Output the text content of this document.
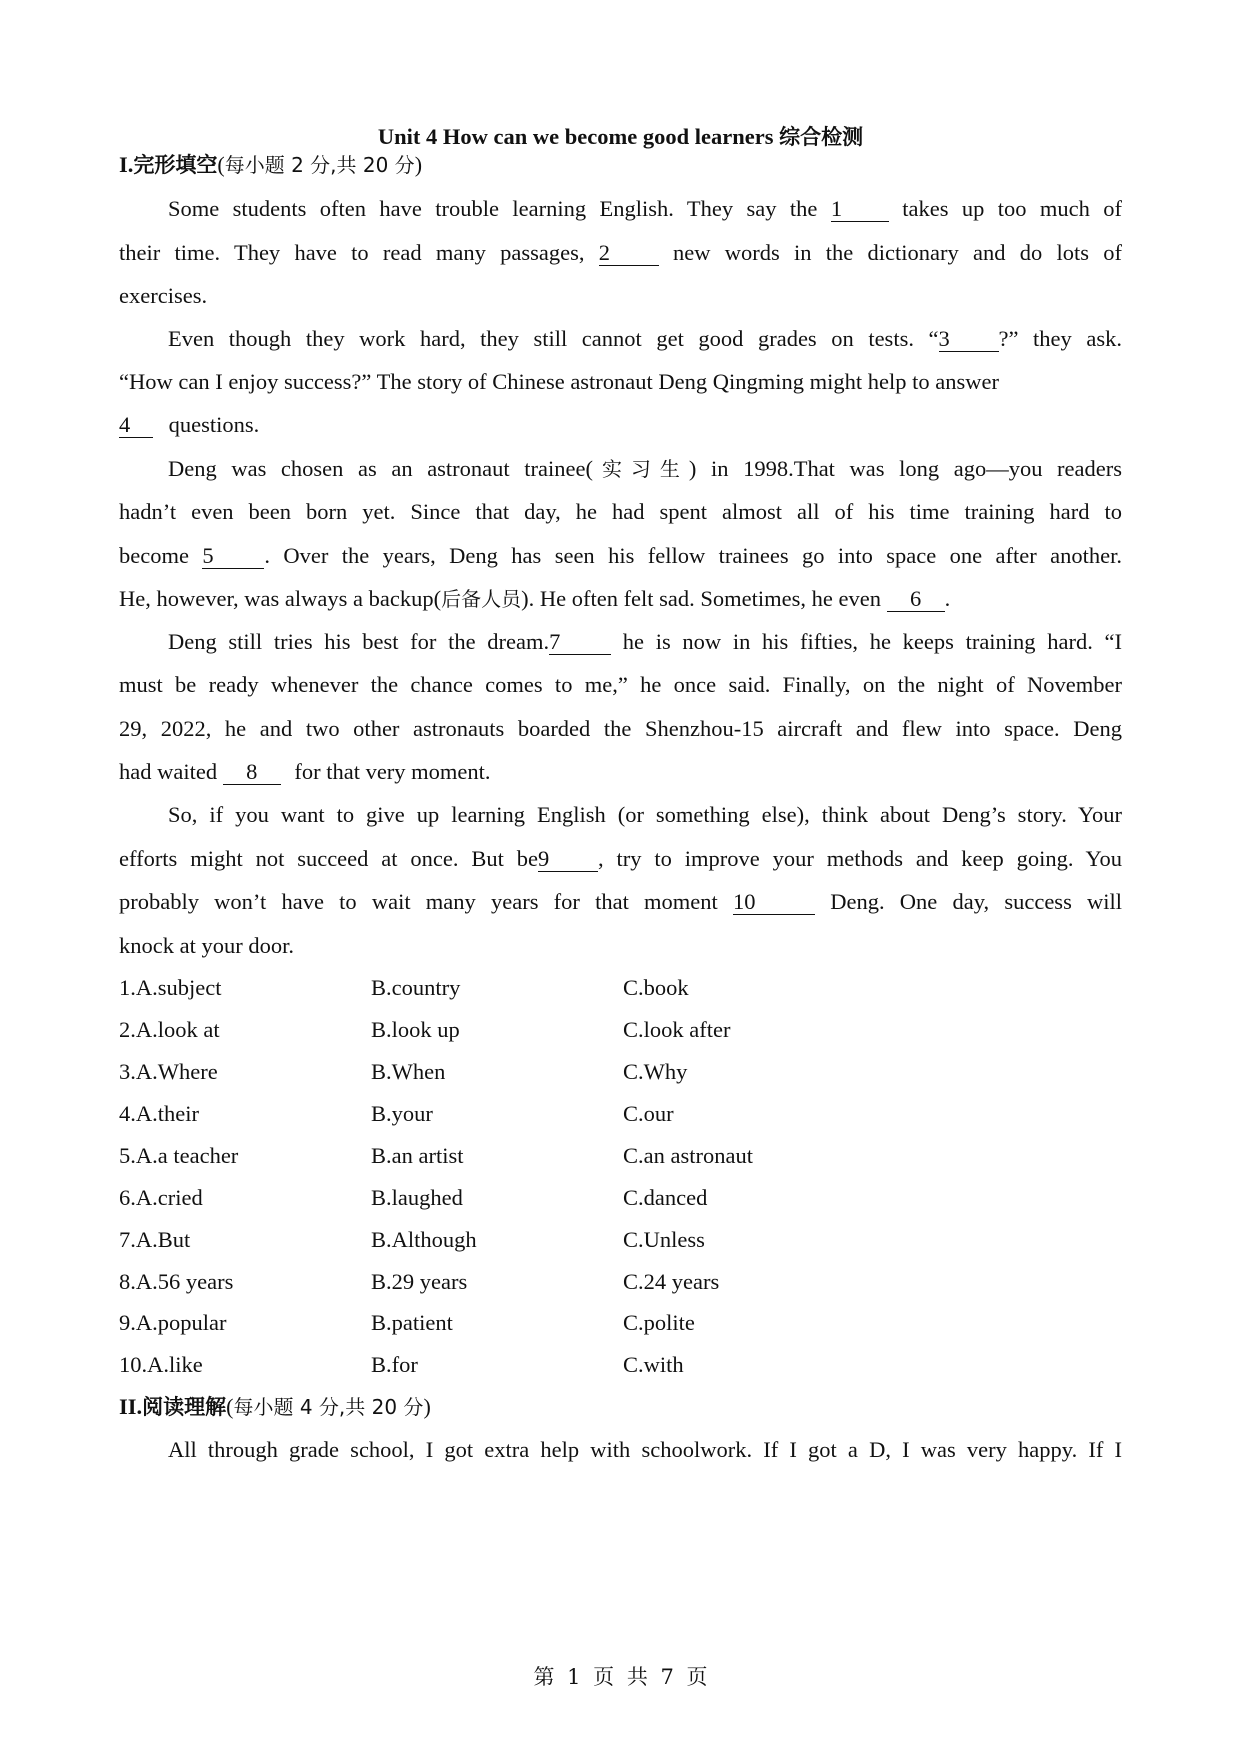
Unit 4 How can we become good learners 综合检测
I.完形填空(每小题 2 分,共 20 分)
Some students often have trouble learning English. They say the 1	takes up too much of
their time. They have to read many passages, 2	new words in the dictionary and do lots of
exercises.
Even though they work hard, they still cannot get good grades on tests. “3 ?” they ask.
“How can I enjoy success?” The story of Chinese astronaut Deng Qingming might help to answer
4 questions.
Deng was chosen as an astronaut trainee(实习生) in 1998.That was long ago—you readers
hadn’t even been born yet. Since that day, he had spent almost all of his time training hard to
become 5 . Over the years, Deng has seen his fellow trainees go into space one after another.
He, however, was always a backup(后备人员). He often felt sad. Sometimes, he even 6 .
Deng still tries his best for the dream.7	he is now in his fifties, he keeps training hard. “I
must be ready whenever the chance comes to me,” he once said. Finally, on the night of November
29, 2022, he and two other astronauts boarded the Shenzhou-15 aircraft and flew into space. Deng
had waited 8 for that very moment.
So, if you want to give up learning English (or something else), think about Deng’s story. Your
efforts might not succeed at once. But be9 , try to improve your methods and keep going. You
probably won’t have to wait many years for that moment 10	Deng. One day, success will
knock at your door.
1.A.subject	B.country	C.book
2.A.look at	B.look up	C.look after
3.A.Where	B.When	C.Why
4.A.their	B.your	C.our
5.A.a teacher	B.an artist	C.an astronaut
6.A.cried	B.laughed	C.danced
7.A.But	B.Although	C.Unless
8.A.56 years	B.29 years	C.24 years
9.A.popular	B.patient	C.polite
10.A.like	B.for	C.with
II.阅读理解(每小题 4 分,共 20 分)
All through grade school, I got extra help with schoolwork. If I got a D, I was very happy. If I
第 1 页 共 7 页
